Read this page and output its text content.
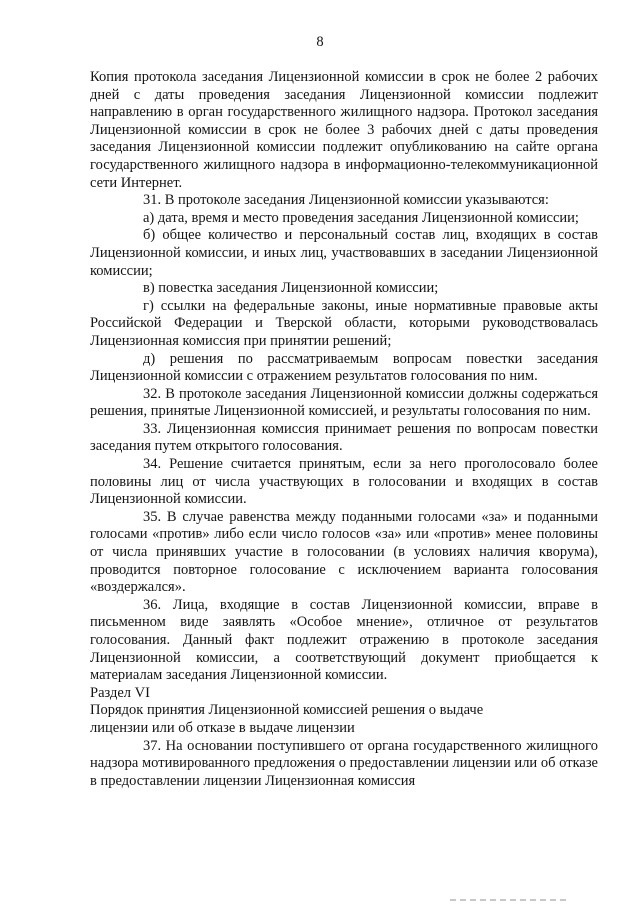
8

Копия протокола заседания Лицензионной комиссии в срок не более 2 рабочих дней с даты проведения заседания Лицензионной комиссии подлежит направлению в орган государственного жилищного надзора. Протокол заседания Лицензионной комиссии в срок не более 3 рабочих дней с даты проведения заседания Лицензионной комиссии подлежит опубликованию на сайте органа государственного жилищного надзора в информационно-телекоммуникационной сети Интернет.

31. В протоколе заседания Лицензионной комиссии указываются:

а) дата, время и место проведения заседания Лицензионной комиссии;

б) общее количество и персональный состав лиц, входящих в состав Лицензионной комиссии, и иных лиц, участвовавших в заседании Лицензионной комиссии;

в) повестка заседания Лицензионной комиссии;

г) ссылки на федеральные законы, иные нормативные правовые акты Российской Федерации и Тверской области, которыми руководствовалась Лицензионная комиссия при принятии решений;

д) решения по рассматриваемым вопросам повестки заседания Лицензионной комиссии с отражением результатов голосования по ним.

32. В протоколе заседания Лицензионной комиссии должны содержаться решения, принятые Лицензионной комиссией, и результаты голосования по ним.

33. Лицензионная комиссия принимает решения по вопросам повестки заседания путем открытого голосования.

34. Решение считается принятым, если за него проголосовало более половины лиц от числа участвующих в голосовании и входящих в состав Лицензионной комиссии.

35. В случае равенства между поданными голосами «за» и поданными голосами «против» либо если число голосов «за» или «против» менее половины от числа принявших участие в голосовании (в условиях наличия кворума), проводится повторное голосование с исключением варианта голосования «воздержался».

36. Лица, входящие в состав Лицензионной комиссии, вправе в письменном виде заявлять «Особое мнение», отличное от результатов голосования. Данный факт подлежит отражению в протоколе заседания Лицензионной комиссии, а соответствующий документ приобщается к материалам заседания Лицензионной комиссии.

Раздел VI

Порядок принятия Лицензионной комиссией решения о выдаче
лицензии или об отказе в выдаче лицензии

37. На основании поступившего от органа государственного жилищного надзора мотивированного предложения о предоставлении лицензии или об отказе в предоставлении лицензии Лицензионная комиссия
